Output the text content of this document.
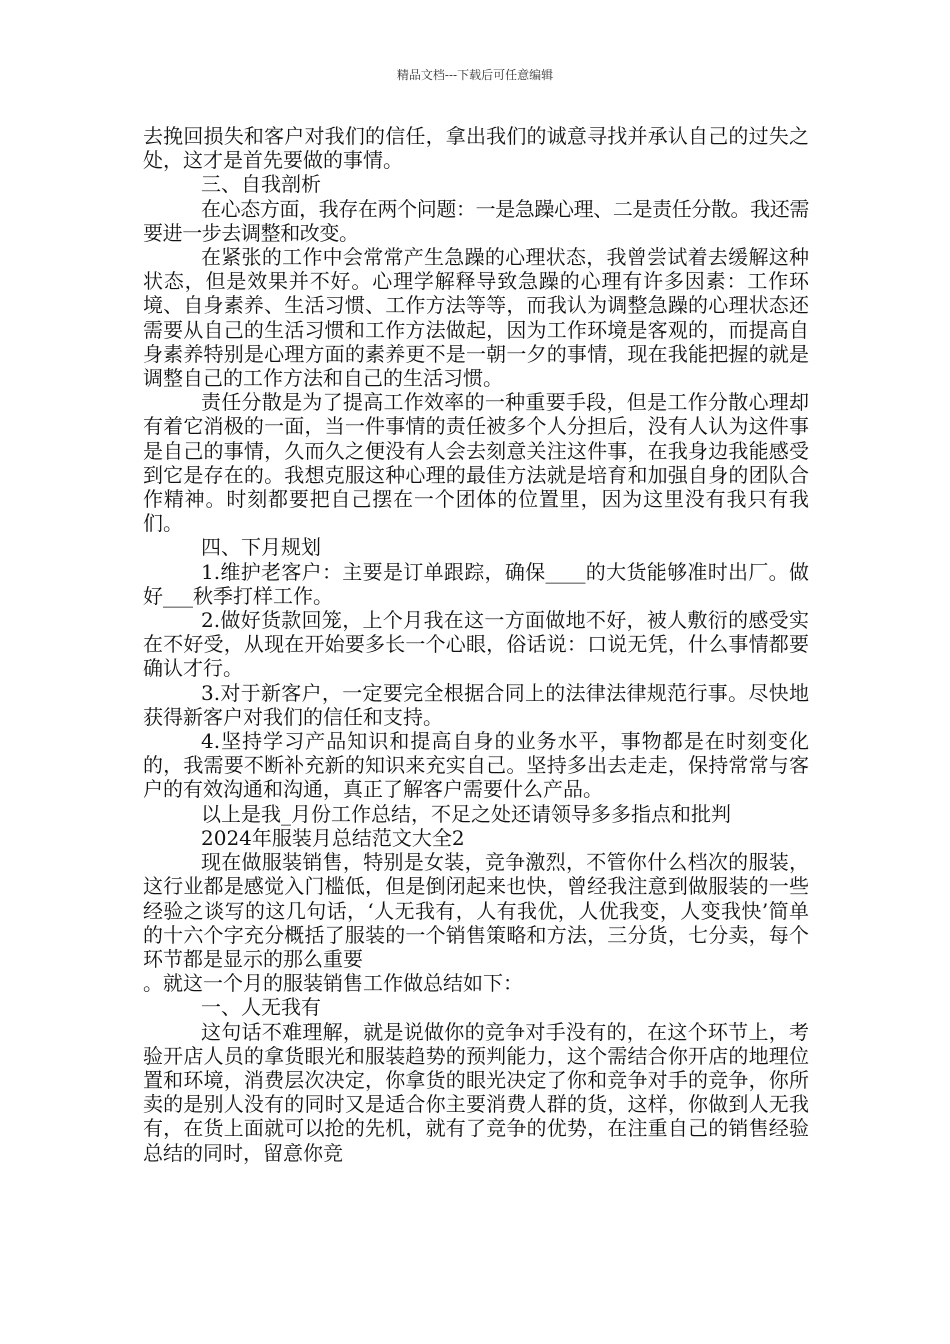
精品文档---下载后可任意编辑

去挽回损失和客户对我们的信任，拿出我们的诚意寻找并承认自己的过失之处，这才是首先要做的事情。

三、自我剖析

在心态方面，我存在两个问题：一是急躁心理、二是责任分散。我还需要进一步去调整和改变。

在紧张的工作中会常常产生急躁的心理状态，我曾尝试着去缓解这种状态，但是效果并不好。心理学解释导致急躁的心理有许多因素：工作环境、自身素养、生活习惯、工作方法等等，而我认为调整急躁的心理状态还需要从自己的生活习惯和工作方法做起，因为工作环境是客观的，而提高自身素养特别是心理方面的素养更不是一朝一夕的事情，现在我能把握的就是调整自己的工作方法和自己的生活习惯。

责任分散是为了提高工作效率的一种重要手段，但是工作分散心理却有着它消极的一面，当一件事情的责任被多个人分担后，没有人认为这件事是自己的事情，久而久之便没有人会去刻意关注这件事，在我身边我能感受到它是存在的。我想克服这种心理的最佳方法就是培育和加强自身的团队合作精神。时刻都要把自己摆在一个团体的位置里，因为这里没有我只有我们。

四、下月规划

1.维护老客户：主要是订单跟踪，确保____的大货能够准时出厂。做好___秋季打样工作。

2.做好货款回笼，上个月我在这一方面做地不好，被人敷衍的感受实在不好受，从现在开始要多长一个心眼，俗话说：口说无凭，什么事情都要确认才行。

3.对于新客户，一定要完全根据合同上的法律法律规范行事。尽快地获得新客户对我们的信任和支持。

4.坚持学习产品知识和提高自身的业务水平，事物都是在时刻变化的，我需要不断补充新的知识来充实自己。坚持多出去走走，保持常常与客户的有效沟通和沟通，真正了解客户需要什么产品。

以上是我_月份工作总结，不足之处还请领导多多指点和批判

2024年服装月总结范文大全2

现在做服装销售，特别是女装，竞争激烈，不管你什么档次的服装，这行业都是感觉入门槛低，但是倒闭起来也快，曾经我注意到做服装的一些经验之谈写的这几句话，‘人无我有，人有我优，人优我变，人变我快’简单的十六个字充分概括了服装的一个销售策略和方法，三分货，七分卖，每个环节都是显示的那么重要

。就这一个月的服装销售工作做总结如下：

一、人无我有

这句话不难理解，就是说做你的竞争对手没有的，在这个环节上，考验开店人员的拿货眼光和服装趋势的预判能力，这个需结合你开店的地理位置和环境，消费层次决定，你拿货的眼光决定了你和竞争对手的竞争，你所卖的是别人没有的同时又是适合你主要消费人群的货，这样，你做到人无我有，在货上面就可以抢的先机，就有了竞争的优势，在注重自己的销售经验总结的同时，留意你竞
